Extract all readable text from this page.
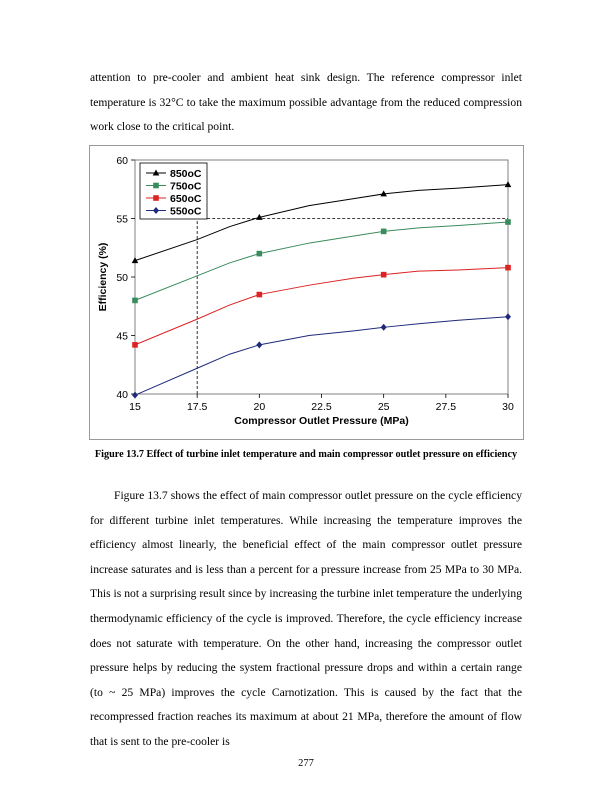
attention to pre-cooler and ambient heat sink design. The reference compressor inlet temperature is 32°C to take the maximum possible advantage from the reduced compression work close to the critical point.

15	17.5	20	22.5	25	27.5	30
40
45
50
55
60
Compressor Outlet Pressure (MPa)
Efficiency (%)
850oC
750oC
650oC
550oC

Figure 13.7 Effect of turbine inlet temperature and main compressor outlet pressure on efficiency

Figure 13.7 shows the effect of main compressor outlet pressure on the cycle efficiency for different turbine inlet temperatures. While increasing the temperature improves the efficiency almost linearly, the beneficial effect of the main compressor outlet pressure increase saturates and is less than a percent for a pressure increase from 25 MPa to 30 MPa. This is not a surprising result since by increasing the turbine inlet temperature the underlying thermodynamic efficiency of the cycle is improved. Therefore, the cycle efficiency increase does not saturate with temperature. On the other hand, increasing the compressor outlet pressure helps by reducing the system fractional pressure drops and within a certain range (to ~ 25 MPa) improves the cycle Carnotization. This is caused by the fact that the recompressed fraction reaches its maximum at about 21 MPa, therefore the amount of flow that is sent to the pre-cooler is

277
